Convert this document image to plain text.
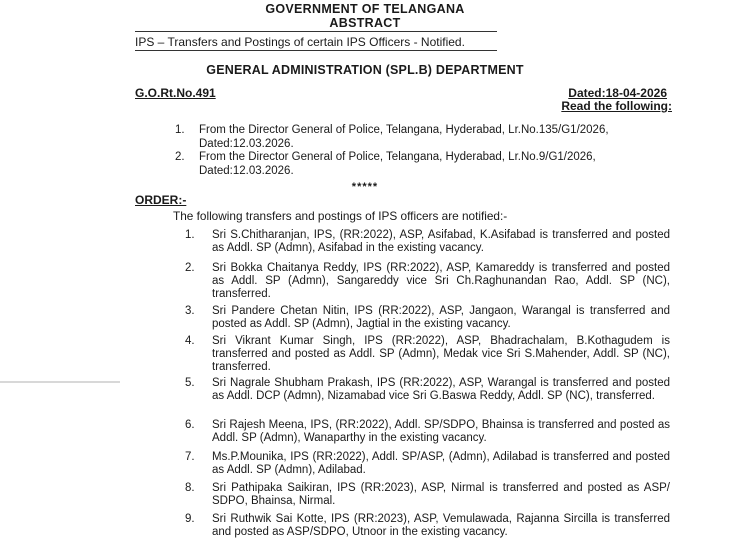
GOVERNMENT OF TELANGANA
ABSTRACT
IPS – Transfers and Postings of certain IPS Officers - Notified.
GENERAL ADMINISTRATION (SPL.B) DEPARTMENT
G.O.Rt.No.491	Dated:18-04-2026
Read the following:
1. From the Director General of Police, Telangana, Hyderabad, Lr.No.135/G1/2026, Dated:12.03.2026.
2. From the Director General of Police, Telangana, Hyderabad, Lr.No.9/G1/2026, Dated:12.03.2026.
*****
ORDER:-
The following transfers and postings of IPS officers are notified:-
1. Sri S.Chitharanjan, IPS, (RR:2022), ASP, Asifabad, K.Asifabad is transferred and posted as Addl. SP (Admn), Asifabad in the existing vacancy.
2. Sri Bokka Chaitanya Reddy, IPS (RR:2022), ASP, Kamareddy is transferred and posted as Addl. SP (Admn), Sangareddy vice Sri Ch.Raghunandan Rao, Addl. SP (NC), transferred.
3. Sri Pandere Chetan Nitin, IPS (RR:2022), ASP, Jangaon, Warangal is transferred and posted as Addl. SP (Admn), Jagtial in the existing vacancy.
4. Sri Vikrant Kumar Singh, IPS (RR:2022), ASP, Bhadrachalam, B.Kothagudem is transferred and posted as Addl. SP (Admn), Medak vice Sri S.Mahender, Addl. SP (NC), transferred.
5. Sri Nagrale Shubham Prakash, IPS (RR:2022), ASP, Warangal is transferred and posted as Addl. DCP (Admn), Nizamabad vice Sri G.Baswa Reddy, Addl. SP (NC), transferred.
6. Sri Rajesh Meena, IPS, (RR:2022), Addl. SP/SDPO, Bhainsa is transferred and posted as Addl. SP (Admn), Wanaparthy in the existing vacancy.
7. Ms.P.Mounika, IPS (RR:2022), Addl. SP/ASP, (Admn), Adilabad is transferred and posted as Addl. SP (Admn), Adilabad.
8. Sri Pathipaka Saikiran, IPS (RR:2023), ASP, Nirmal is transferred and posted as ASP/ SDPO, Bhainsa, Nirmal.
9. Sri Ruthwik Sai Kotte, IPS (RR:2023), ASP, Vemulawada, Rajanna Sircilla is transferred and posted as ASP/SDPO, Utnoor in the existing vacancy.
